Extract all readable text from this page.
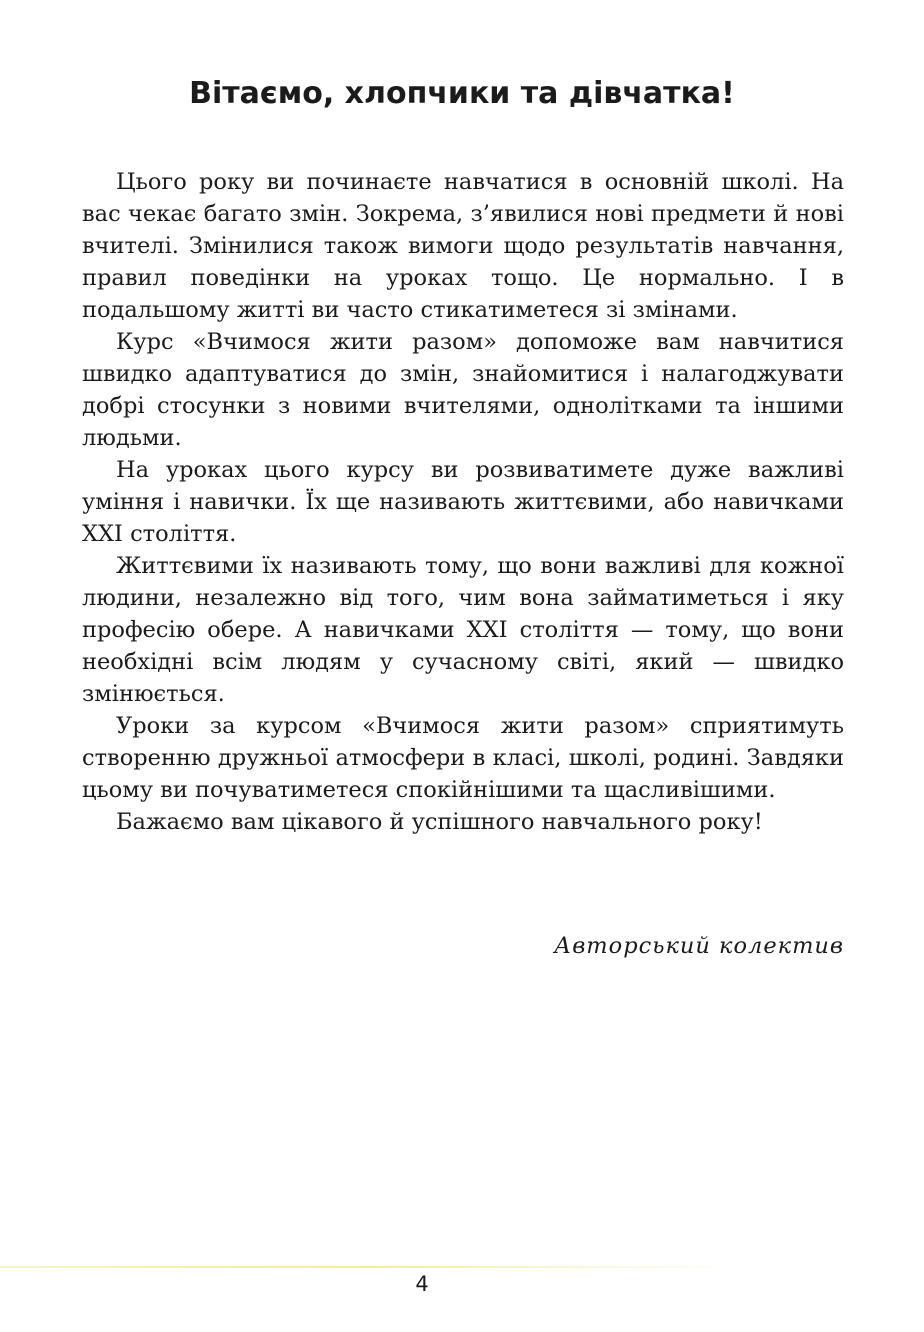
Вітаємо, хлопчики та дівчатка!

Цього року ви починаєте навчатися в основній школі. На вас чекає багато змін. Зокрема, з’явилися нові предмети й нові вчителі. Змінилися також вимоги щодо результатів навчання, правил поведінки на уроках тощо. Це нормально. І в подальшому житті ви часто стикатиметеся зі змінами.

Курс «Вчимося жити разом» допоможе вам навчитися швидко адаптуватися до змін, знайомитися і налагоджувати добрі стосунки з новими вчителями, однолітками та іншими людьми.

На уроках цього курсу ви розвиватимете дуже важливі уміння і навички. Їх ще називають життєвими, або навичками ХХІ століття.

Життєвими їх називають тому, що вони важливі для кожної людини, незалежно від того, чим вона займатиметься і яку професію обере. А навичками ХХІ століття — тому, що вони необхідні всім людям у сучасному світі, який — швидко змінюється.

Уроки за курсом «Вчимося жити разом» сприятимуть створенню дружньої атмосфери в класі, школі, родині. Завдяки цьому ви почуватиметеся спокійнішими та щасливішими.

Бажаємо вам цікавого й успішного навчального року!

Авторський колектив
4
